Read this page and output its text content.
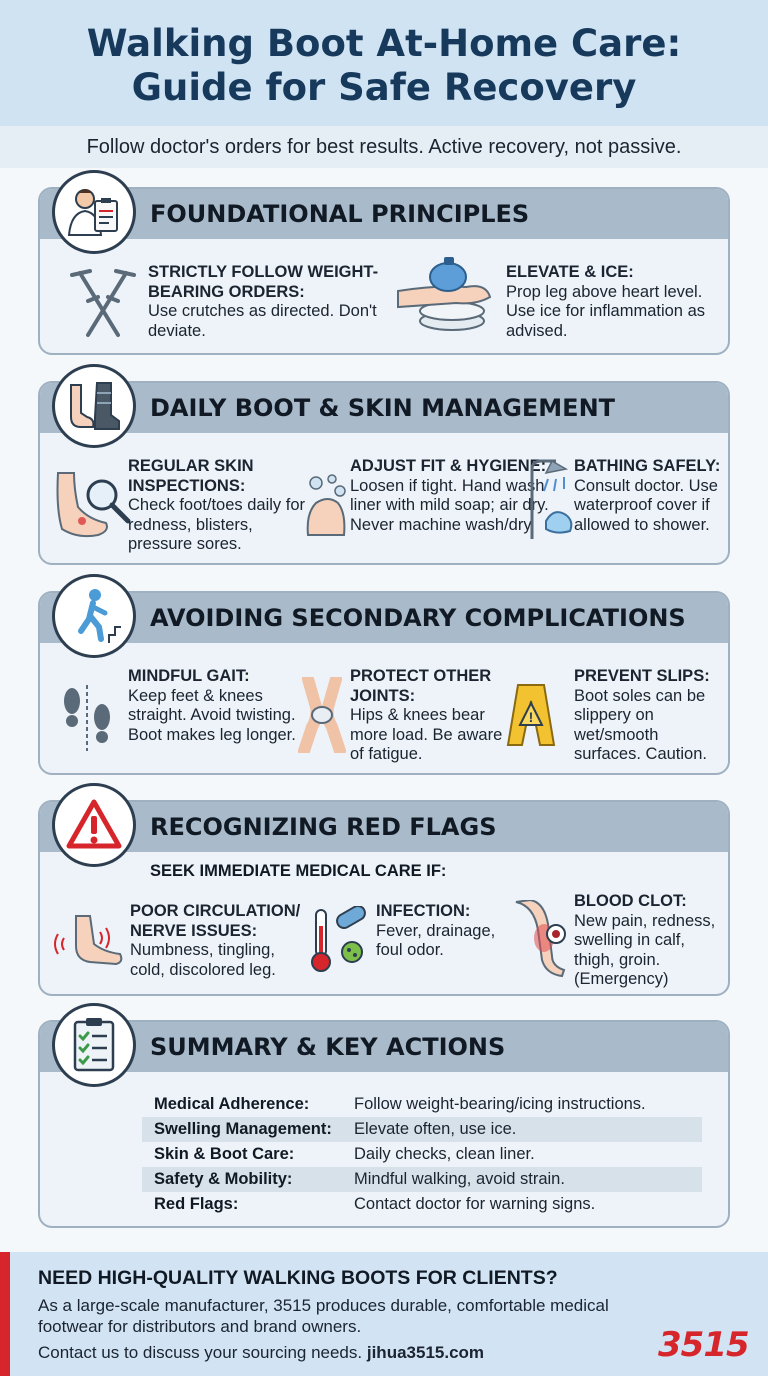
Walking Boot At-Home Care:
Guide for Safe Recovery
Follow doctor's orders for best results. Active recovery, not passive.
FOUNDATIONAL PRINCIPLES
STRICTLY FOLLOW WEIGHT-BEARING ORDERS:
Use crutches as directed. Don't deviate.
ELEVATE & ICE:
Prop leg above heart level. Use ice for inflammation as advised.
DAILY BOOT & SKIN MANAGEMENT
REGULAR SKIN INSPECTIONS:
Check foot/toes daily for redness, blisters, pressure sores.
ADJUST FIT & HYGIENE:
Loosen if tight. Hand wash liner with mild soap; air dry. Never machine wash/dry.
BATHING SAFELY:
Consult doctor. Use waterproof cover if allowed to shower.
AVOIDING SECONDARY COMPLICATIONS
MINDFUL GAIT:
Keep feet & knees straight. Avoid twisting. Boot makes leg longer.
PROTECT OTHER JOINTS:
Hips & knees bear more load. Be aware of fatigue.
!
PREVENT SLIPS:
Boot soles can be slippery on wet/smooth surfaces. Caution.
RECOGNIZING RED FLAGS
SEEK IMMEDIATE MEDICAL CARE IF:
POOR CIRCULATION/ NERVE ISSUES:
Numbness, tingling, cold, discolored leg.
INFECTION:
Fever, drainage, foul odor.
BLOOD CLOT:
New pain, redness, swelling in calf, thigh, groin. (Emergency)
SUMMARY & KEY ACTIONS
Medical Adherence:	Follow weight-bearing/icing instructions.
Swelling Management:	Elevate often, use ice.
Skin & Boot Care:	Daily checks, clean liner.
Safety & Mobility:	Mindful walking, avoid strain.
Red Flags:	Contact doctor for warning signs.
NEED HIGH-QUALITY WALKING BOOTS FOR CLIENTS?
As a large-scale manufacturer, 3515 produces durable, comfortable medical footwear for distributors and brand owners.
Contact us to discuss your sourcing needs. jihua3515.com	3515
